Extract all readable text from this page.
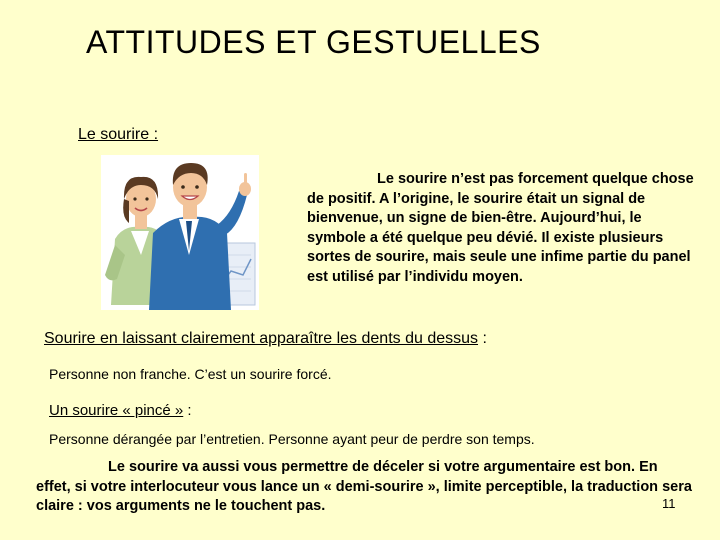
ATTITUDES ET GESTUELLES
Le sourire :
Le sourire n’est pas forcement quelque chose de positif. A l’origine, le sourire était un signal de bienvenue, un signe de bien-être. Aujourd’hui, le symbole a été quelque peu dévié. Il existe plusieurs sortes de sourire, mais seule une infime partie du panel est utilisé par l’individu moyen.
Sourire en laissant clairement apparaître les dents du dessus :
Personne non franche. C’est un sourire forcé.
Un sourire « pincé » :
Personne dérangée par l’entretien. Personne ayant peur de perdre son temps.
Le sourire va aussi vous permettre de déceler si votre argumentaire est bon. En effet, si votre interlocuteur vous lance un « demi-sourire », limite perceptible, la traduction sera claire : vos arguments ne le touchent pas.	11
